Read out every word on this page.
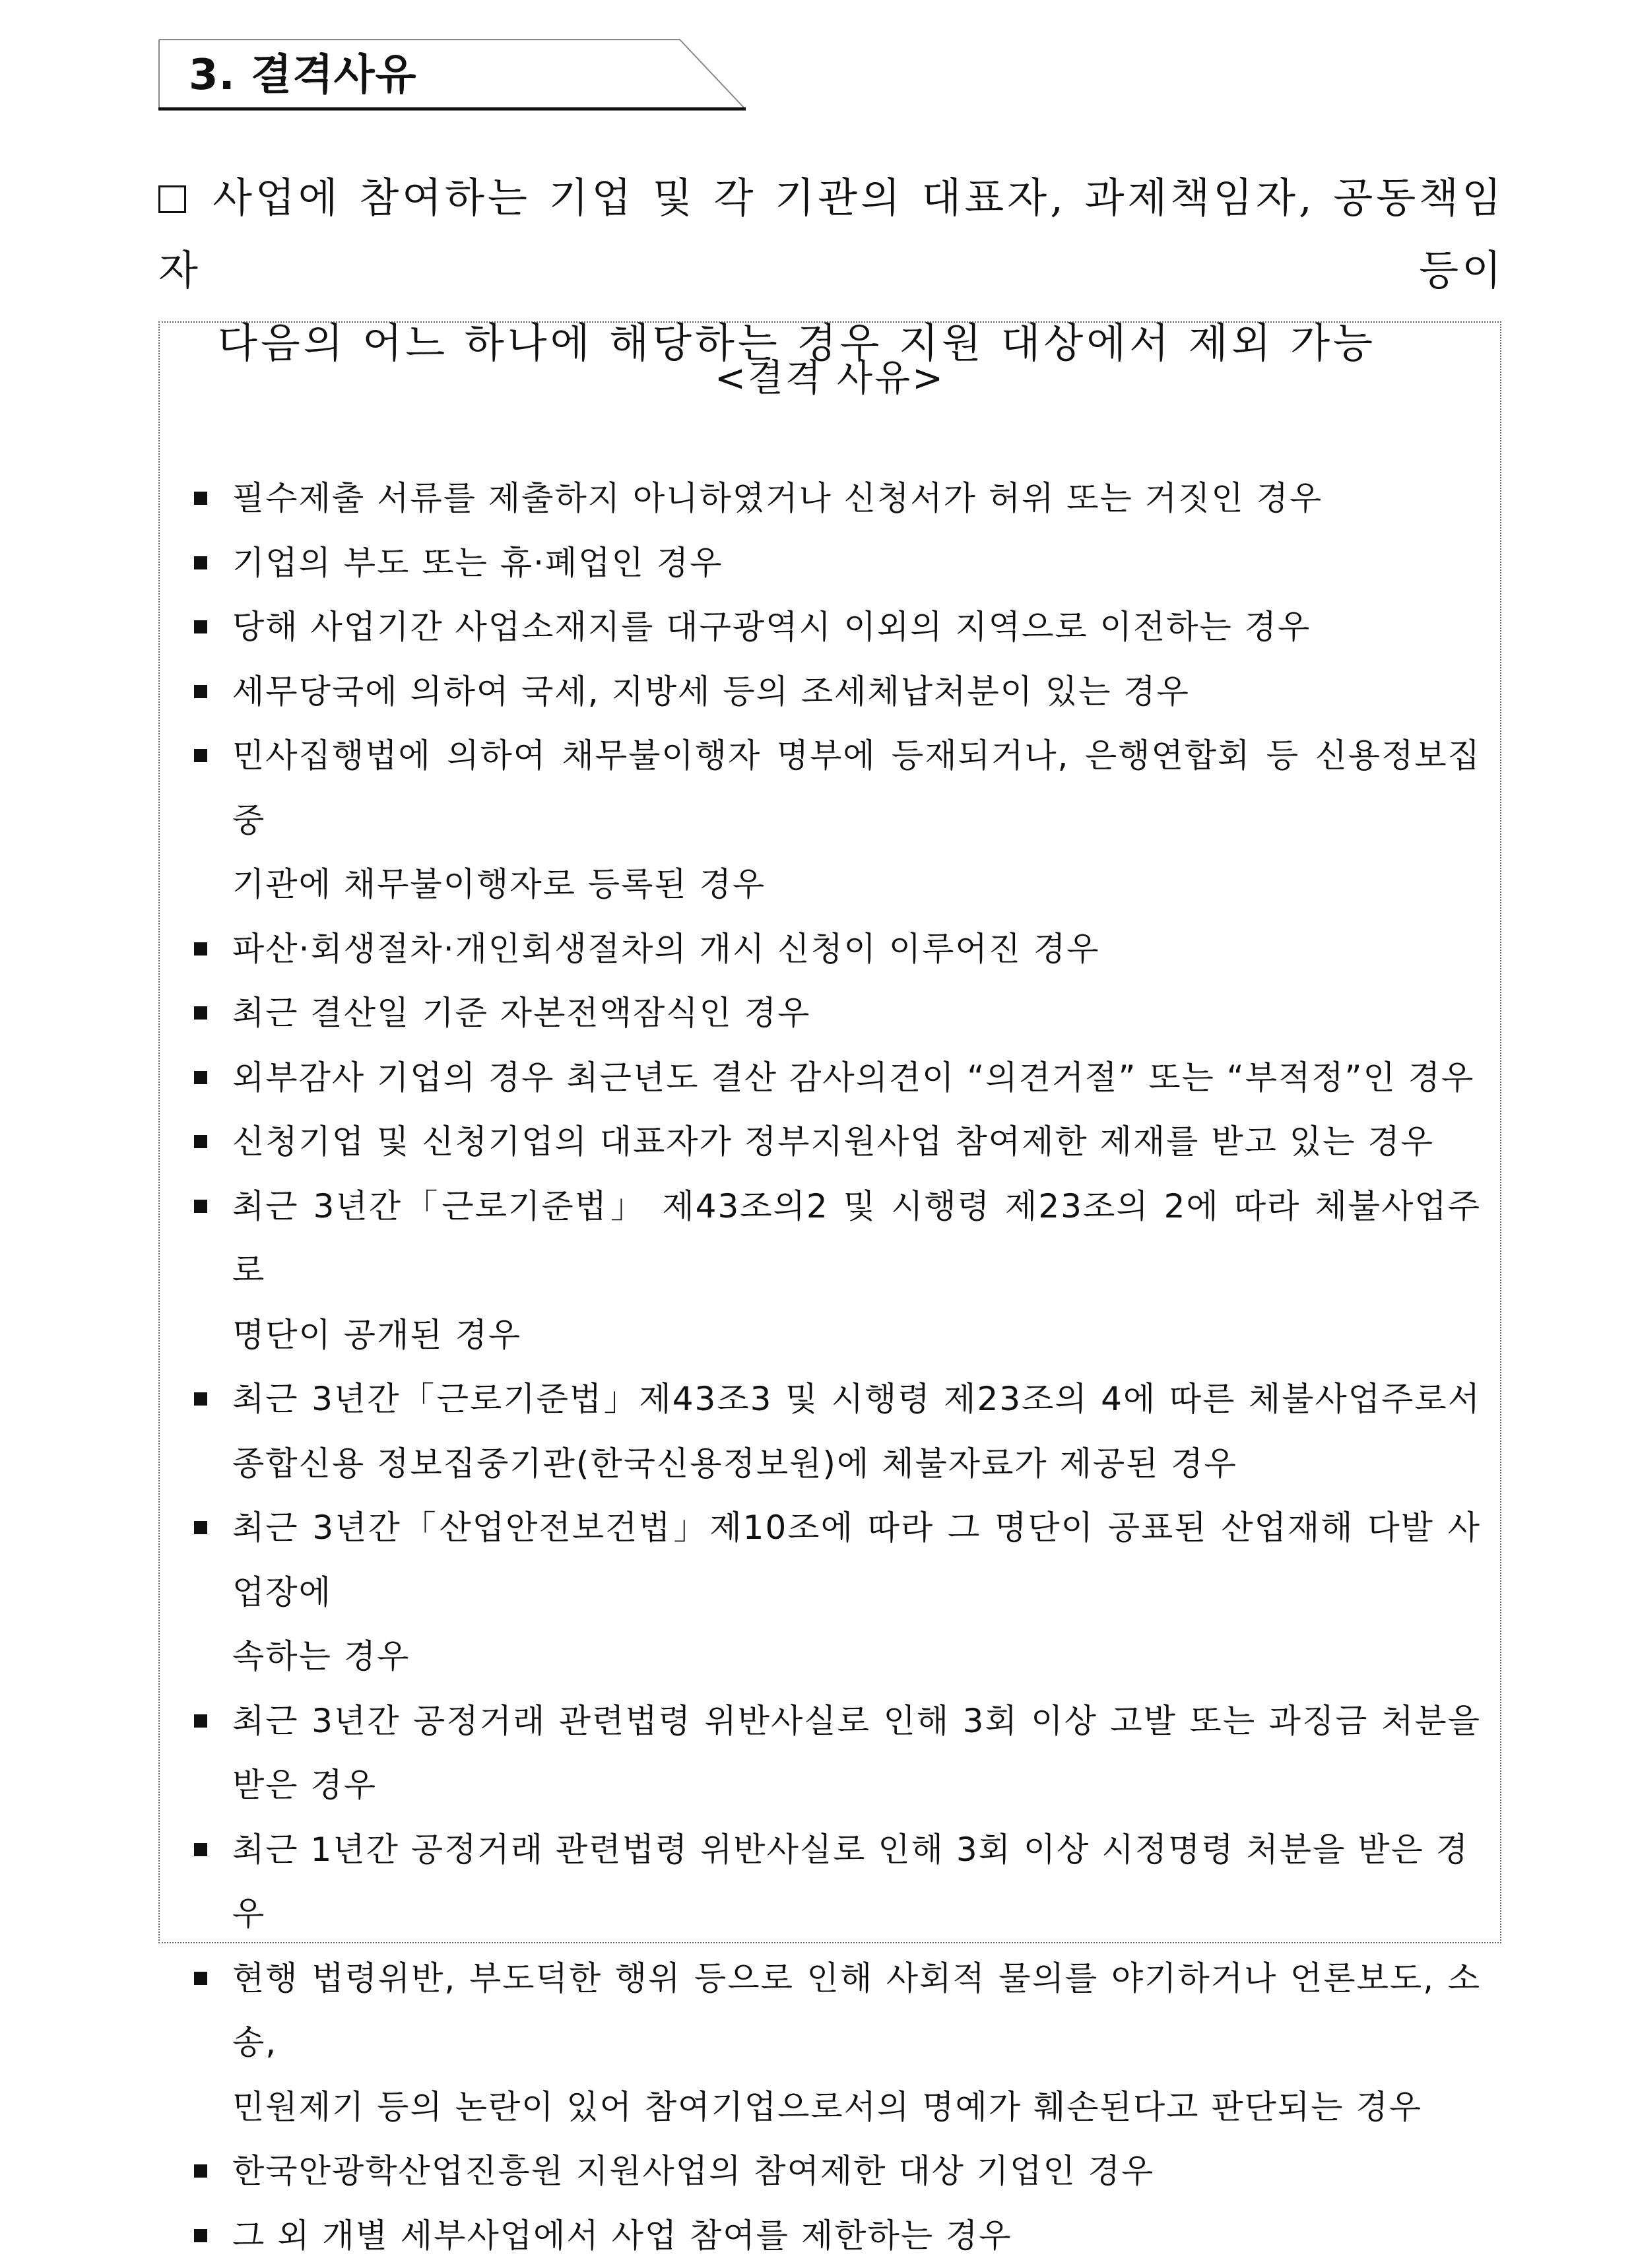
3. 결격사유
사업에 참여하는 기업 및 각 기관의 대표자, 과제책임자, 공동책임자 등이
다음의 어느 하나에 해당하는 경우 지원 대상에서 제외 가능
<결격 사유>
필수제출 서류를 제출하지 아니하였거나 신청서가 허위 또는 거짓인 경우
기업의 부도 또는 휴·폐업인 경우
당해 사업기간 사업소재지를 대구광역시 이외의 지역으로 이전하는 경우
세무당국에 의하여 국세, 지방세 등의 조세체납처분이 있는 경우
민사집행법에 의하여 채무불이행자 명부에 등재되거나, 은행연합회 등 신용정보집중
기관에 채무불이행자로 등록된 경우
파산·회생절차·개인회생절차의 개시 신청이 이루어진 경우
최근 결산일 기준 자본전액잠식인 경우
외부감사 기업의 경우 최근년도 결산 감사의견이 “의견거절” 또는 “부적정”인 경우
신청기업 및 신청기업의 대표자가 정부지원사업 참여제한 제재를 받고 있는 경우
최근 3년간「근로기준법」 제43조의2 및 시행령 제23조의 2에 따라 체불사업주로
명단이 공개된 경우
최근 3년간「근로기준법」제43조3 및 시행령 제23조의 4에 따른 체불사업주로서
종합신용 정보집중기관(한국신용정보원)에 체불자료가 제공된 경우
최근 3년간「산업안전보건법」제10조에 따라 그 명단이 공표된 산업재해 다발 사업장에
속하는 경우
최근 3년간 공정거래 관련법령 위반사실로 인해 3회 이상 고발 또는 과징금 처분을
받은 경우
최근 1년간 공정거래 관련법령 위반사실로 인해 3회 이상 시정명령 처분을 받은 경우
현행 법령위반, 부도덕한 행위 등으로 인해 사회적 물의를 야기하거나 언론보도, 소송,
민원제기 등의 논란이 있어 참여기업으로서의 명예가 훼손된다고 판단되는 경우
한국안광학산업진흥원 지원사업의 참여제한 대상 기업인 경우
그 외 개별 세부사업에서 사업 참여를 제한하는 경우
